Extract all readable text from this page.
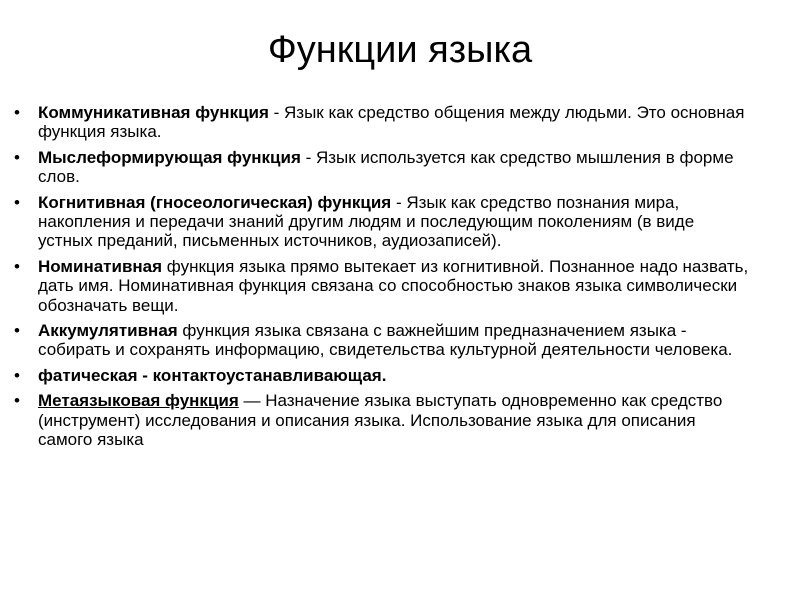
Функции языка
• Коммуникативная функция - Язык как средство общения между людьми. Это основная функция языка.
• Мыслеформирующая функция - Язык используется как средство мышления в форме слов.
• Когнитивная (гносеологическая) функция - Язык как средство познания мира, накопления и передачи знаний другим людям и последующим поколениям (в виде устных преданий, письменных источников, аудиозаписей).
• Номинативная функция языка прямо вытекает из когнитивной. Познанное надо назвать, дать имя. Номинативная функция связана со способностью знаков языка символически обозначать вещи.
• Аккумулятивная функция языка связана с важнейшим предназначением языка - собирать и сохранять информацию, свидетельства культурной деятельности человека.
• фатическая - контактоустанавливающая.
• Метаязыковая функция — Назначение языка выступать одновременно как средство (инструмент) исследования и описания языка. Использование языка для описания самого языка
